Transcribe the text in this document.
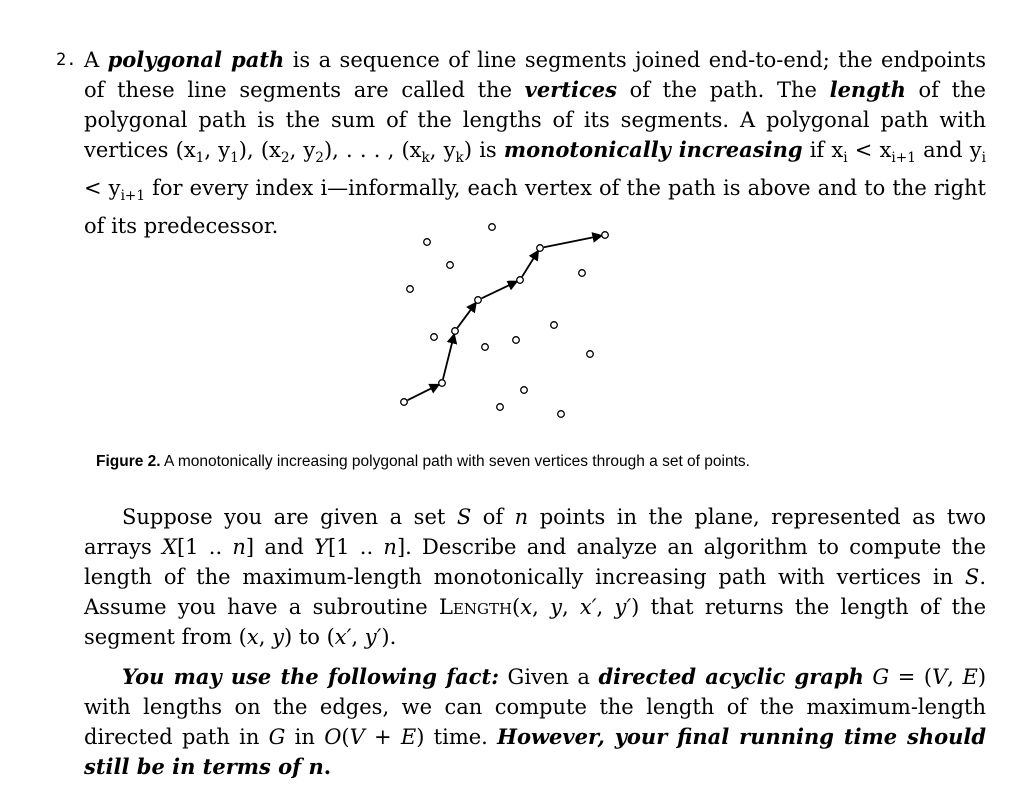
2. A polygonal path is a sequence of line segments joined end-to-end; the endpoints of these line segments are called the vertices of the path. The length of the polygonal path is the sum of the lengths of its segments. A polygonal path with vertices ($x_1$, $y_1$), ($x_2$, $y_2$), . . . , ($x_k$, $y_k$) is monotonically increasing if $x_i < x_{i+1}$ and $y_i < y_{i+1}$ for every index i—informally, each vertex of the path is above and to the right of its predecessor.
Figure 2. A monotonically increasing polygonal path with seven vertices through a set of points.
Suppose you are given a set S of n points in the plane, represented as two arrays X[1 .. n] and Y[1 .. n]. Describe and analyze an algorithm to compute the length of the maximum-length monotonically increasing path with vertices in S. Assume you have a subroutine Length(x, y, x′, y′) that returns the length of the segment from (x, y) to (x′, y′).
You may use the following fact: Given a directed acyclic graph G = (V, E) with lengths on the edges, we can compute the length of the maximum-length directed path in G in O(V + E) time. However, your final running time should still be in terms of n.
